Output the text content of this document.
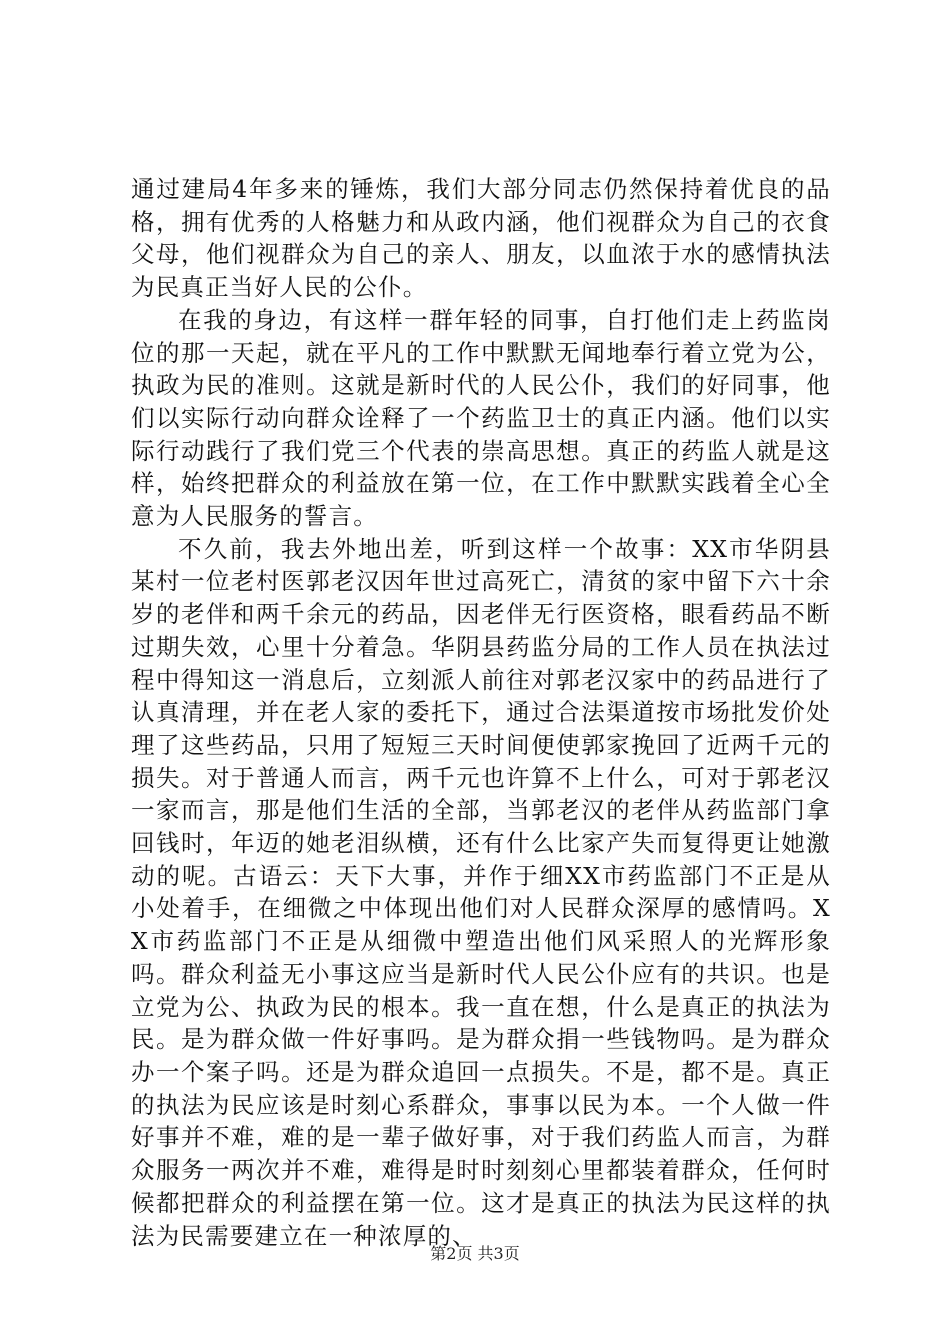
通过建局4年多来的锤炼，我们大部分同志仍然保持着优良的品格，拥有优秀的人格魅力和从政内涵，他们视群众为自己的衣食父母，他们视群众为自己的亲人、朋友，以血浓于水的感情执法为民真正当好人民的公仆。

在我的身边，有这样一群年轻的同事，自打他们走上药监岗位的那一天起，就在平凡的工作中默默无闻地奉行着立党为公，执政为民的准则。这就是新时代的人民公仆，我们的好同事，他们以实际行动向群众诠释了一个药监卫士的真正内涵。他们以实际行动践行了我们党三个代表的崇高思想。真正的药监人就是这样，始终把群众的利益放在第一位，在工作中默默实践着全心全意为人民服务的誓言。

不久前，我去外地出差，听到这样一个故事：XX市华阴县某村一位老村医郭老汉因年世过高死亡，清贫的家中留下六十余岁的老伴和两千余元的药品，因老伴无行医资格，眼看药品不断过期失效，心里十分着急。华阴县药监分局的工作人员在执法过程中得知这一消息后，立刻派人前往对郭老汉家中的药品进行了认真清理，并在老人家的委托下，通过合法渠道按市场批发价处理了这些药品，只用了短短三天时间便使郭家挽回了近两千元的损失。对于普通人而言，两千元也许算不上什么，可对于郭老汉一家而言，那是他们生活的全部，当郭老汉的老伴从药监部门拿回钱时，年迈的她老泪纵横，还有什么比家产失而复得更让她激动的呢。古语云：天下大事，并作于细XX市药监部门不正是从小处着手，在细微之中体现出他们对人民群众深厚的感情吗。XX市药监部门不正是从细微中塑造出他们风采照人的光辉形象吗。群众利益无小事这应当是新时代人民公仆应有的共识。也是立党为公、执政为民的根本。我一直在想，什么是真正的执法为民。是为群众做一件好事吗。是为群众捐一些钱物吗。是为群众办一个案子吗。还是为群众追回一点损失。不是，都不是。真正的执法为民应该是时刻心系群众，事事以民为本。一个人做一件好事并不难，难的是一辈子做好事，对于我们药监人而言，为群众服务一两次并不难，难得是时时刻刻心里都装着群众，任何时候都把群众的利益摆在第一位。这才是真正的执法为民这样的执法为民需要建立在一种浓厚的、

第2页 共3页
